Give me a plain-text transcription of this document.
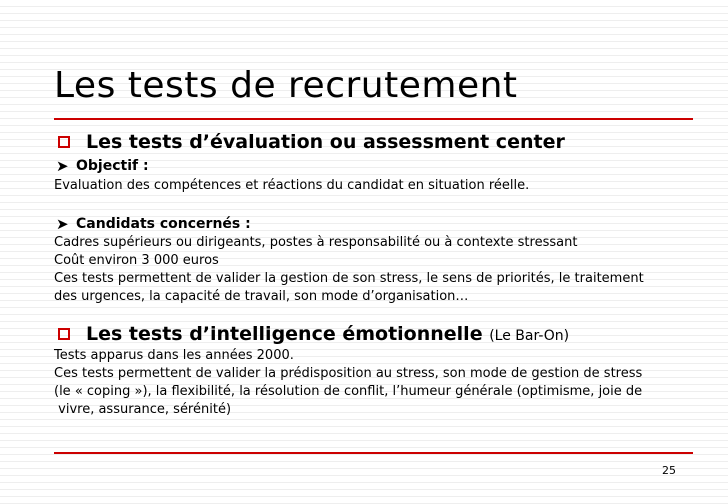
Les tests de recrutement
Les tests d’évaluation ou assessment center
➤ Objectif :
Evaluation des compétences et réactions du candidat en situation réelle.
➤ Candidats concernés :
Cadres supérieurs ou dirigeants, postes à responsabilité ou à contexte stressant
Coût environ 3 000 euros
Ces tests permettent de valider la gestion de son stress, le sens de priorités, le traitement
des urgences, la capacité de travail, son mode d’organisation…
Les tests d’intelligence émotionnelle (Le Bar-On)
Tests apparus dans les années 2000.
Ces tests permettent de valider la prédisposition au stress, son mode de gestion de stress
(le « coping »), la flexibilité, la résolution de conflit, l’humeur générale (optimisme, joie de
vivre, assurance, sérénité)
25
